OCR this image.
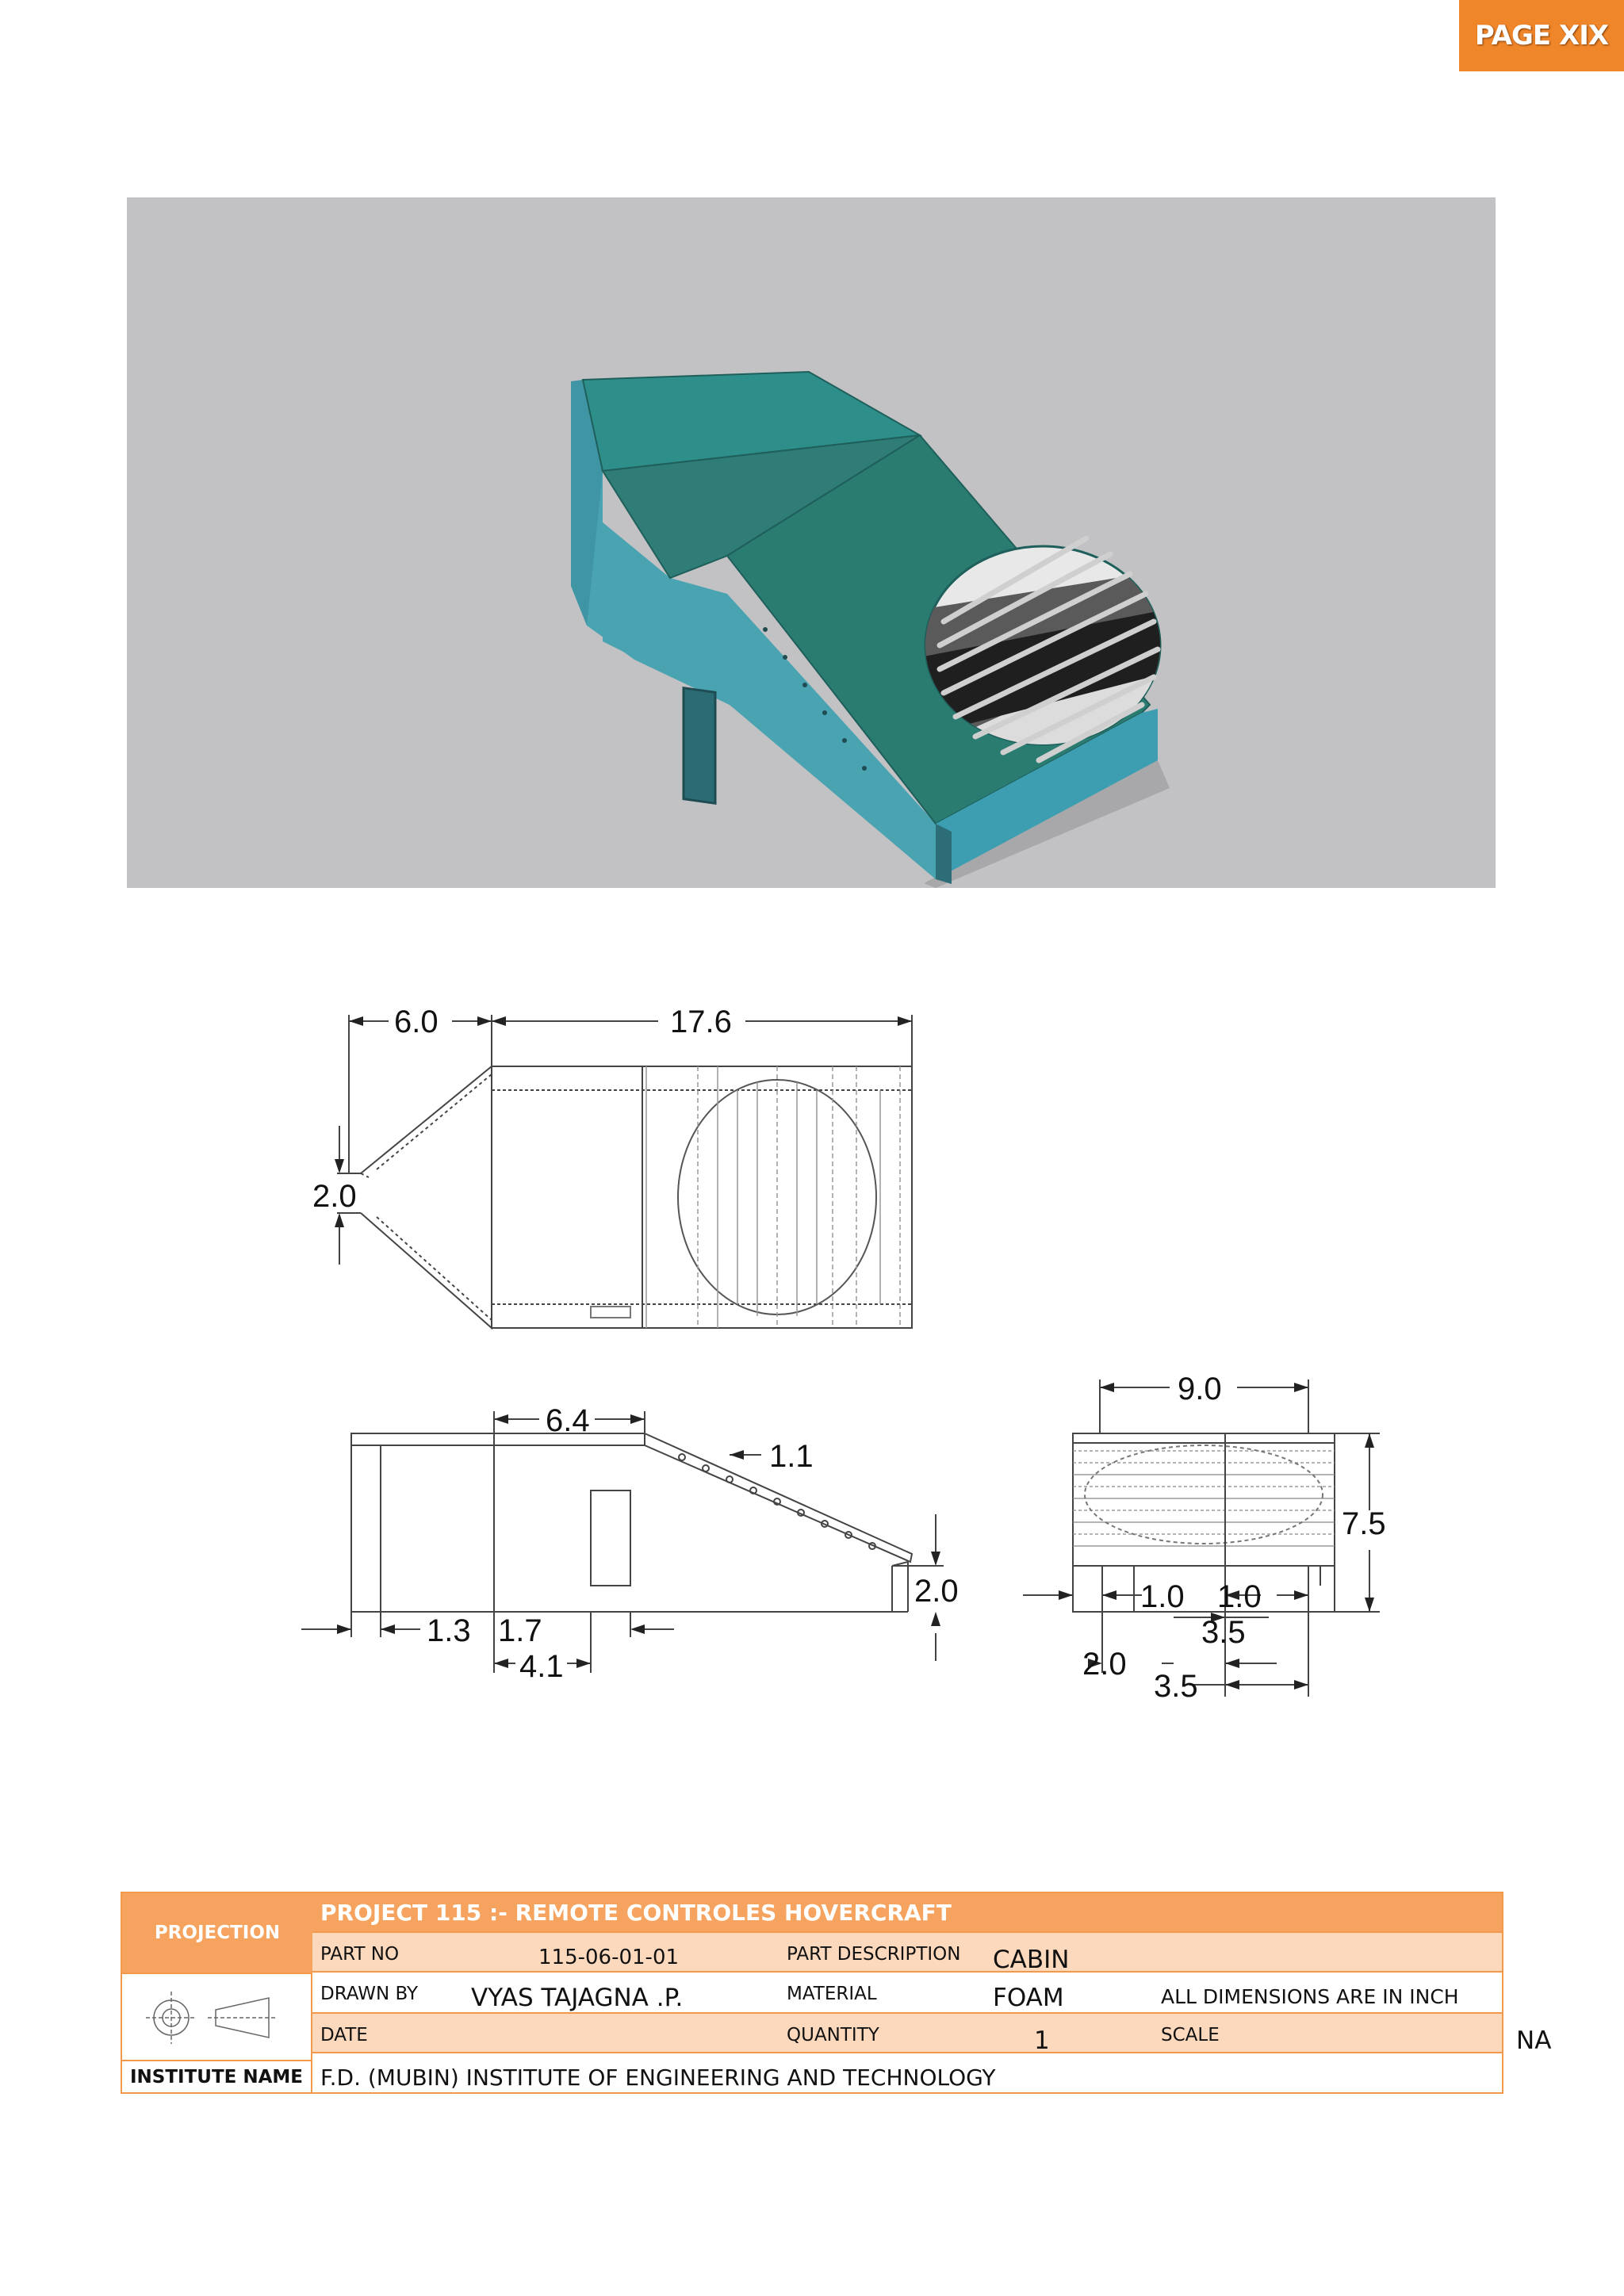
PAGE XIX
6.0	17.6
2.0
6.4
1.1
2.0
1.3 1.7
4.1
9.0
7.5
1.0 1.0
3.5
2.0
3.5
PROJECTION
INSTITUTE NAME
PROJECT 115 :- REMOTE CONTROLES HOVERCRAFT
PART NO	115-06-01-01	PART DESCRIPTION CABIN
DRAWN BY VYAS TAJAGNA .P.	MATERIAL	FOAM	ALL DIMENSIONS ARE IN INCH
DATE	QUANTITY	1	SCALE	NA
F.D. (MUBIN) INSTITUTE OF ENGINEERING AND TECHNOLOGY
